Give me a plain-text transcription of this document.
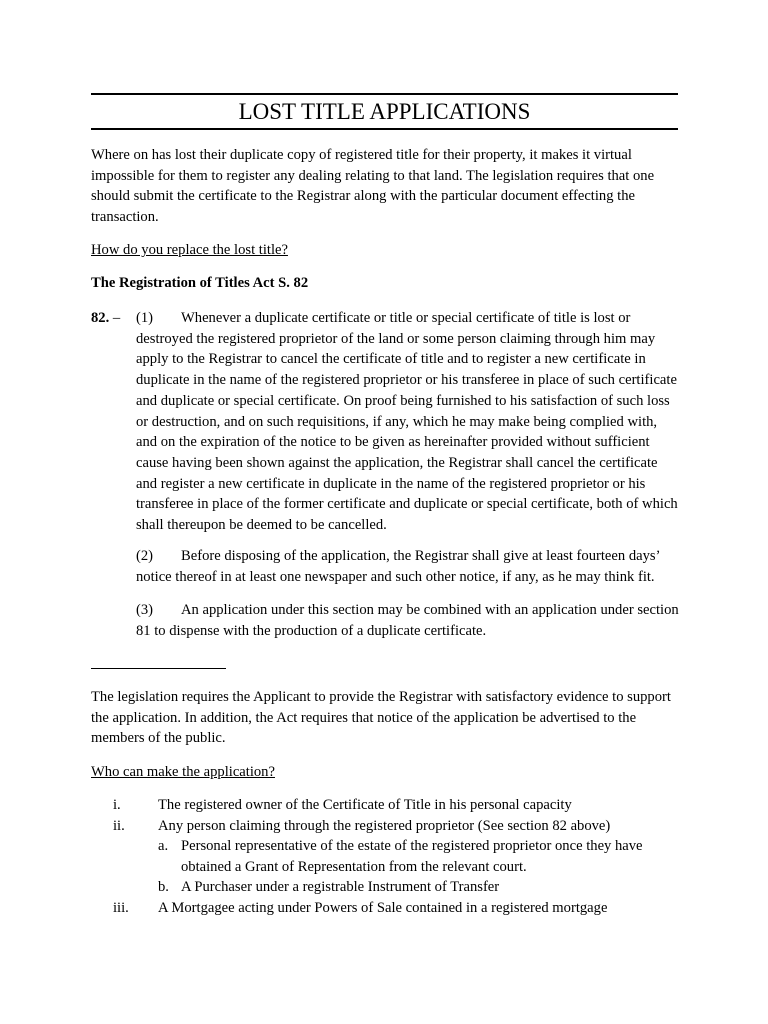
LOST TITLE APPLICATIONS

Where on has lost their duplicate copy of registered title for their property, it makes it virtual impossible for them to register any dealing relating to that land. The legislation requires that one should submit the certificate to the Registrar along with the particular document effecting the transaction.

How do you replace the lost title?

The Registration of Titles Act S. 82

82. – (1) Whenever a duplicate certificate or title or special certificate of title is lost or destroyed the registered proprietor of the land or some person claiming through him may apply to the Registrar to cancel the certificate of title and to register a new certificate in duplicate in the name of the registered proprietor or his transferee in place of such certificate and duplicate or special certificate. On proof being furnished to his satisfaction of such loss or destruction, and on such requisitions, if any, which he may make being complied with, and on the expiration of the notice to be given as hereinafter provided without sufficient cause having been shown against the application, the Registrar shall cancel the certificate and register a new certificate in duplicate in the name of the registered proprietor or his transferee in place of the former certificate and duplicate or special certificate, both of which shall thereupon be deemed to be cancelled.

(2) Before disposing of the application, the Registrar shall give at least fourteen days’ notice thereof in at least one newspaper and such other notice, if any, as he may think fit.

(3) An application under this section may be combined with an application under section 81 to dispense with the production of a duplicate certificate.

The legislation requires the Applicant to provide the Registrar with satisfactory evidence to support the application. In addition, the Act requires that notice of the application be advertised to the members of the public.

Who can make the application?

i.	The registered owner of the Certificate of Title in his personal capacity
ii. Any person claiming through the registered proprietor (See section 82 above)
a. Personal representative of the estate of the registered proprietor once they have obtained a Grant of Representation from the relevant court.
b. A Purchaser under a registrable Instrument of Transfer
iii. A Mortgagee acting under Powers of Sale contained in a registered mortgage
